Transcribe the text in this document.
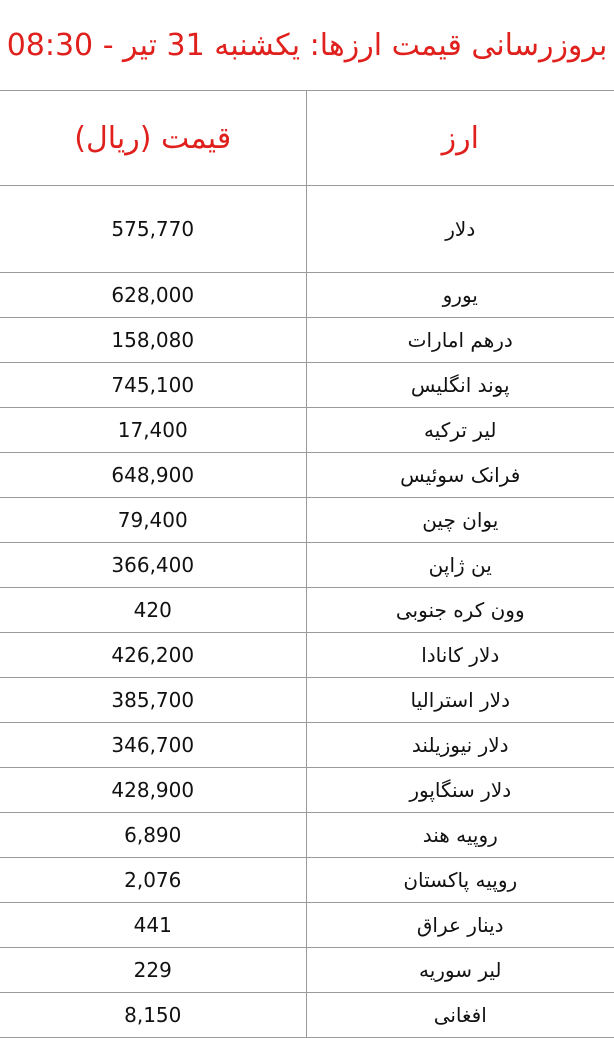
بروزرسانی قیمت ارزها: یکشنبه 31 تیر - 08:30
ارز	قیمت (ریال)
دلار	575,770
یورو	628,000
درهم امارات	158,080
پوند انگلیس	745,100
لیر ترکیه	17,400
فرانک سوئیس	648,900
یوان چین	79,400
ین ژاپن	366,400
وون کره جنوبی	420
دلار کانادا	426,200
دلار استرالیا	385,700
دلار نیوزیلند	346,700
دلار سنگاپور	428,900
روپیه هند	6,890
روپیه پاکستان	2,076
دینار عراق	441
لیر سوریه	229
افغانی	8,150
